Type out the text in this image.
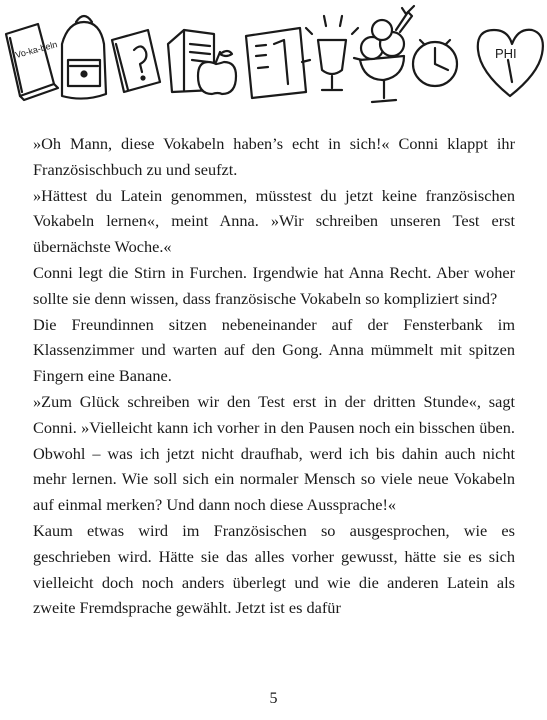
Vo-ka-beln	PHI

»Oh Mann, diese Vokabeln haben’s echt in sich!« Conni klappt ihr Französischbuch zu und seufzt.

»Hättest du Latein genommen, müsstest du jetzt keine französischen Vokabeln lernen«, meint Anna. »Wir schreiben unseren Test erst übernächste Woche.«

Conni legt die Stirn in Furchen. Irgendwie hat Anna Recht. Aber woher sollte sie denn wissen, dass französische Vokabeln so kompliziert sind?

Die Freundinnen sitzen nebeneinander auf der Fensterbank im Klassenzimmer und warten auf den Gong. Anna mümmelt mit spitzen Fingern eine Banane.

»Zum Glück schreiben wir den Test erst in der dritten Stunde«, sagt Conni. »Vielleicht kann ich vorher in den Pausen noch ein bisschen üben. Obwohl – was ich jetzt nicht draufhab, werd ich bis dahin auch nicht mehr lernen. Wie soll sich ein normaler Mensch so viele neue Vokabeln auf einmal merken? Und dann noch diese Aussprache!«

Kaum etwas wird im Französischen so ausgesprochen, wie es geschrieben wird. Hätte sie das alles vorher gewusst, hätte sie es sich vielleicht doch noch anders überlegt und wie die anderen Latein als zweite Fremdsprache gewählt. Jetzt ist es dafür

5
